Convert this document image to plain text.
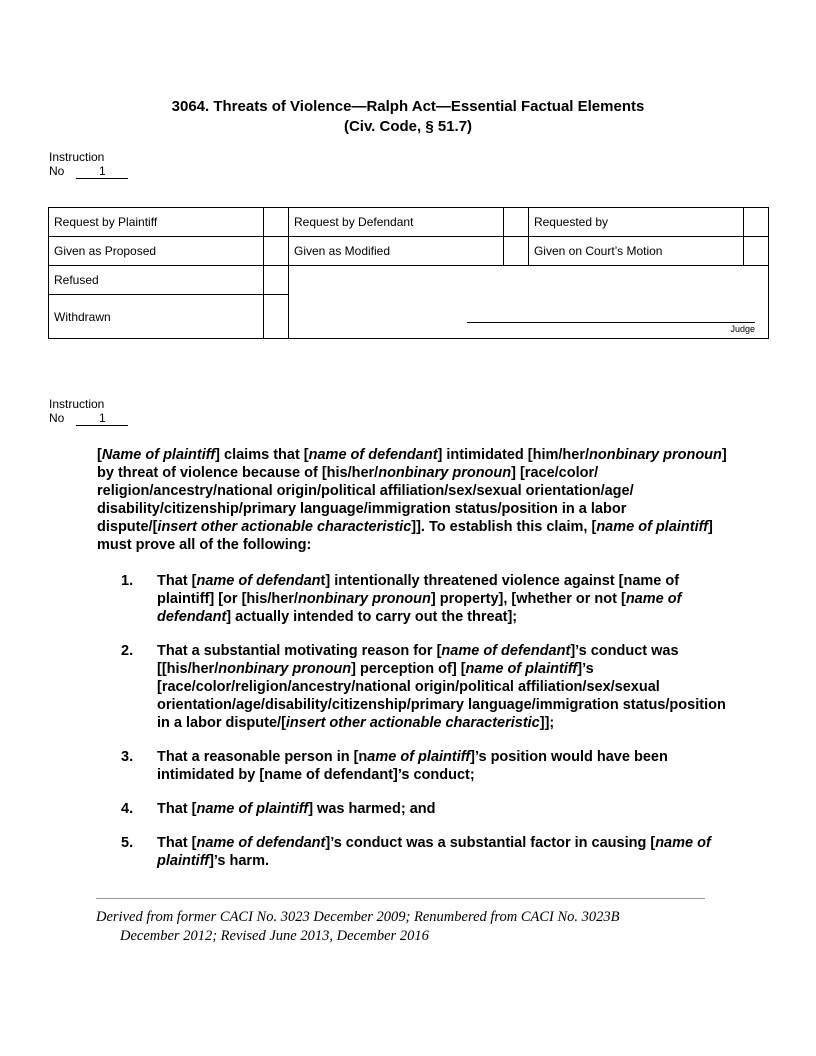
3064. Threats of Violence—Ralph Act—Essential Factual Elements
(Civ. Code, § 51.7)
Instruction
No	1
Request by Plaintiff		Request by Defendant		Requested by	
Given as Proposed		Given as Modified		Given on Court’s Motion	
Refused		Judge			

Withdrawn					
Instruction
No	1

[Name of plaintiff] claims that [name of defendant] intimidated [him/her/nonbinary pronoun] by threat of violence because of [his/her/nonbinary pronoun] [race/color/ religion/ancestry/national origin/political affiliation/sex/sexual orientation/age/ disability/citizenship/primary language/immigration status/position in a labor dispute/[insert other actionable characteristic]]. To establish this claim, [name of plaintiff] must prove all of the following:

1. That [name of defendant] intentionally threatened violence against [name of plaintiff] [or [his/her/nonbinary pronoun] property], [whether or not [name of defendant] actually intended to carry out the threat];
2. That a substantial motivating reason for [name of defendant]’s conduct was [[his/her/nonbinary pronoun] perception of] [name of plaintiff]’s [race/color/religion/ancestry/national origin/political affiliation/sex/sexual orientation/age/disability/citizenship/primary language/immigration status/position in a labor dispute/[insert other actionable characteristic]];
3. That a reasonable person in [name of plaintiff]’s position would have been intimidated by [name of defendant]’s conduct;
4. That [name of plaintiff] was harmed; and
5. That [name of defendant]’s conduct was a substantial factor in causing [name of plaintiff]’s harm.
Derived from former CACI No. 3023 December 2009; Renumbered from CACI No. 3023B
December 2012; Revised June 2013, December 2016
